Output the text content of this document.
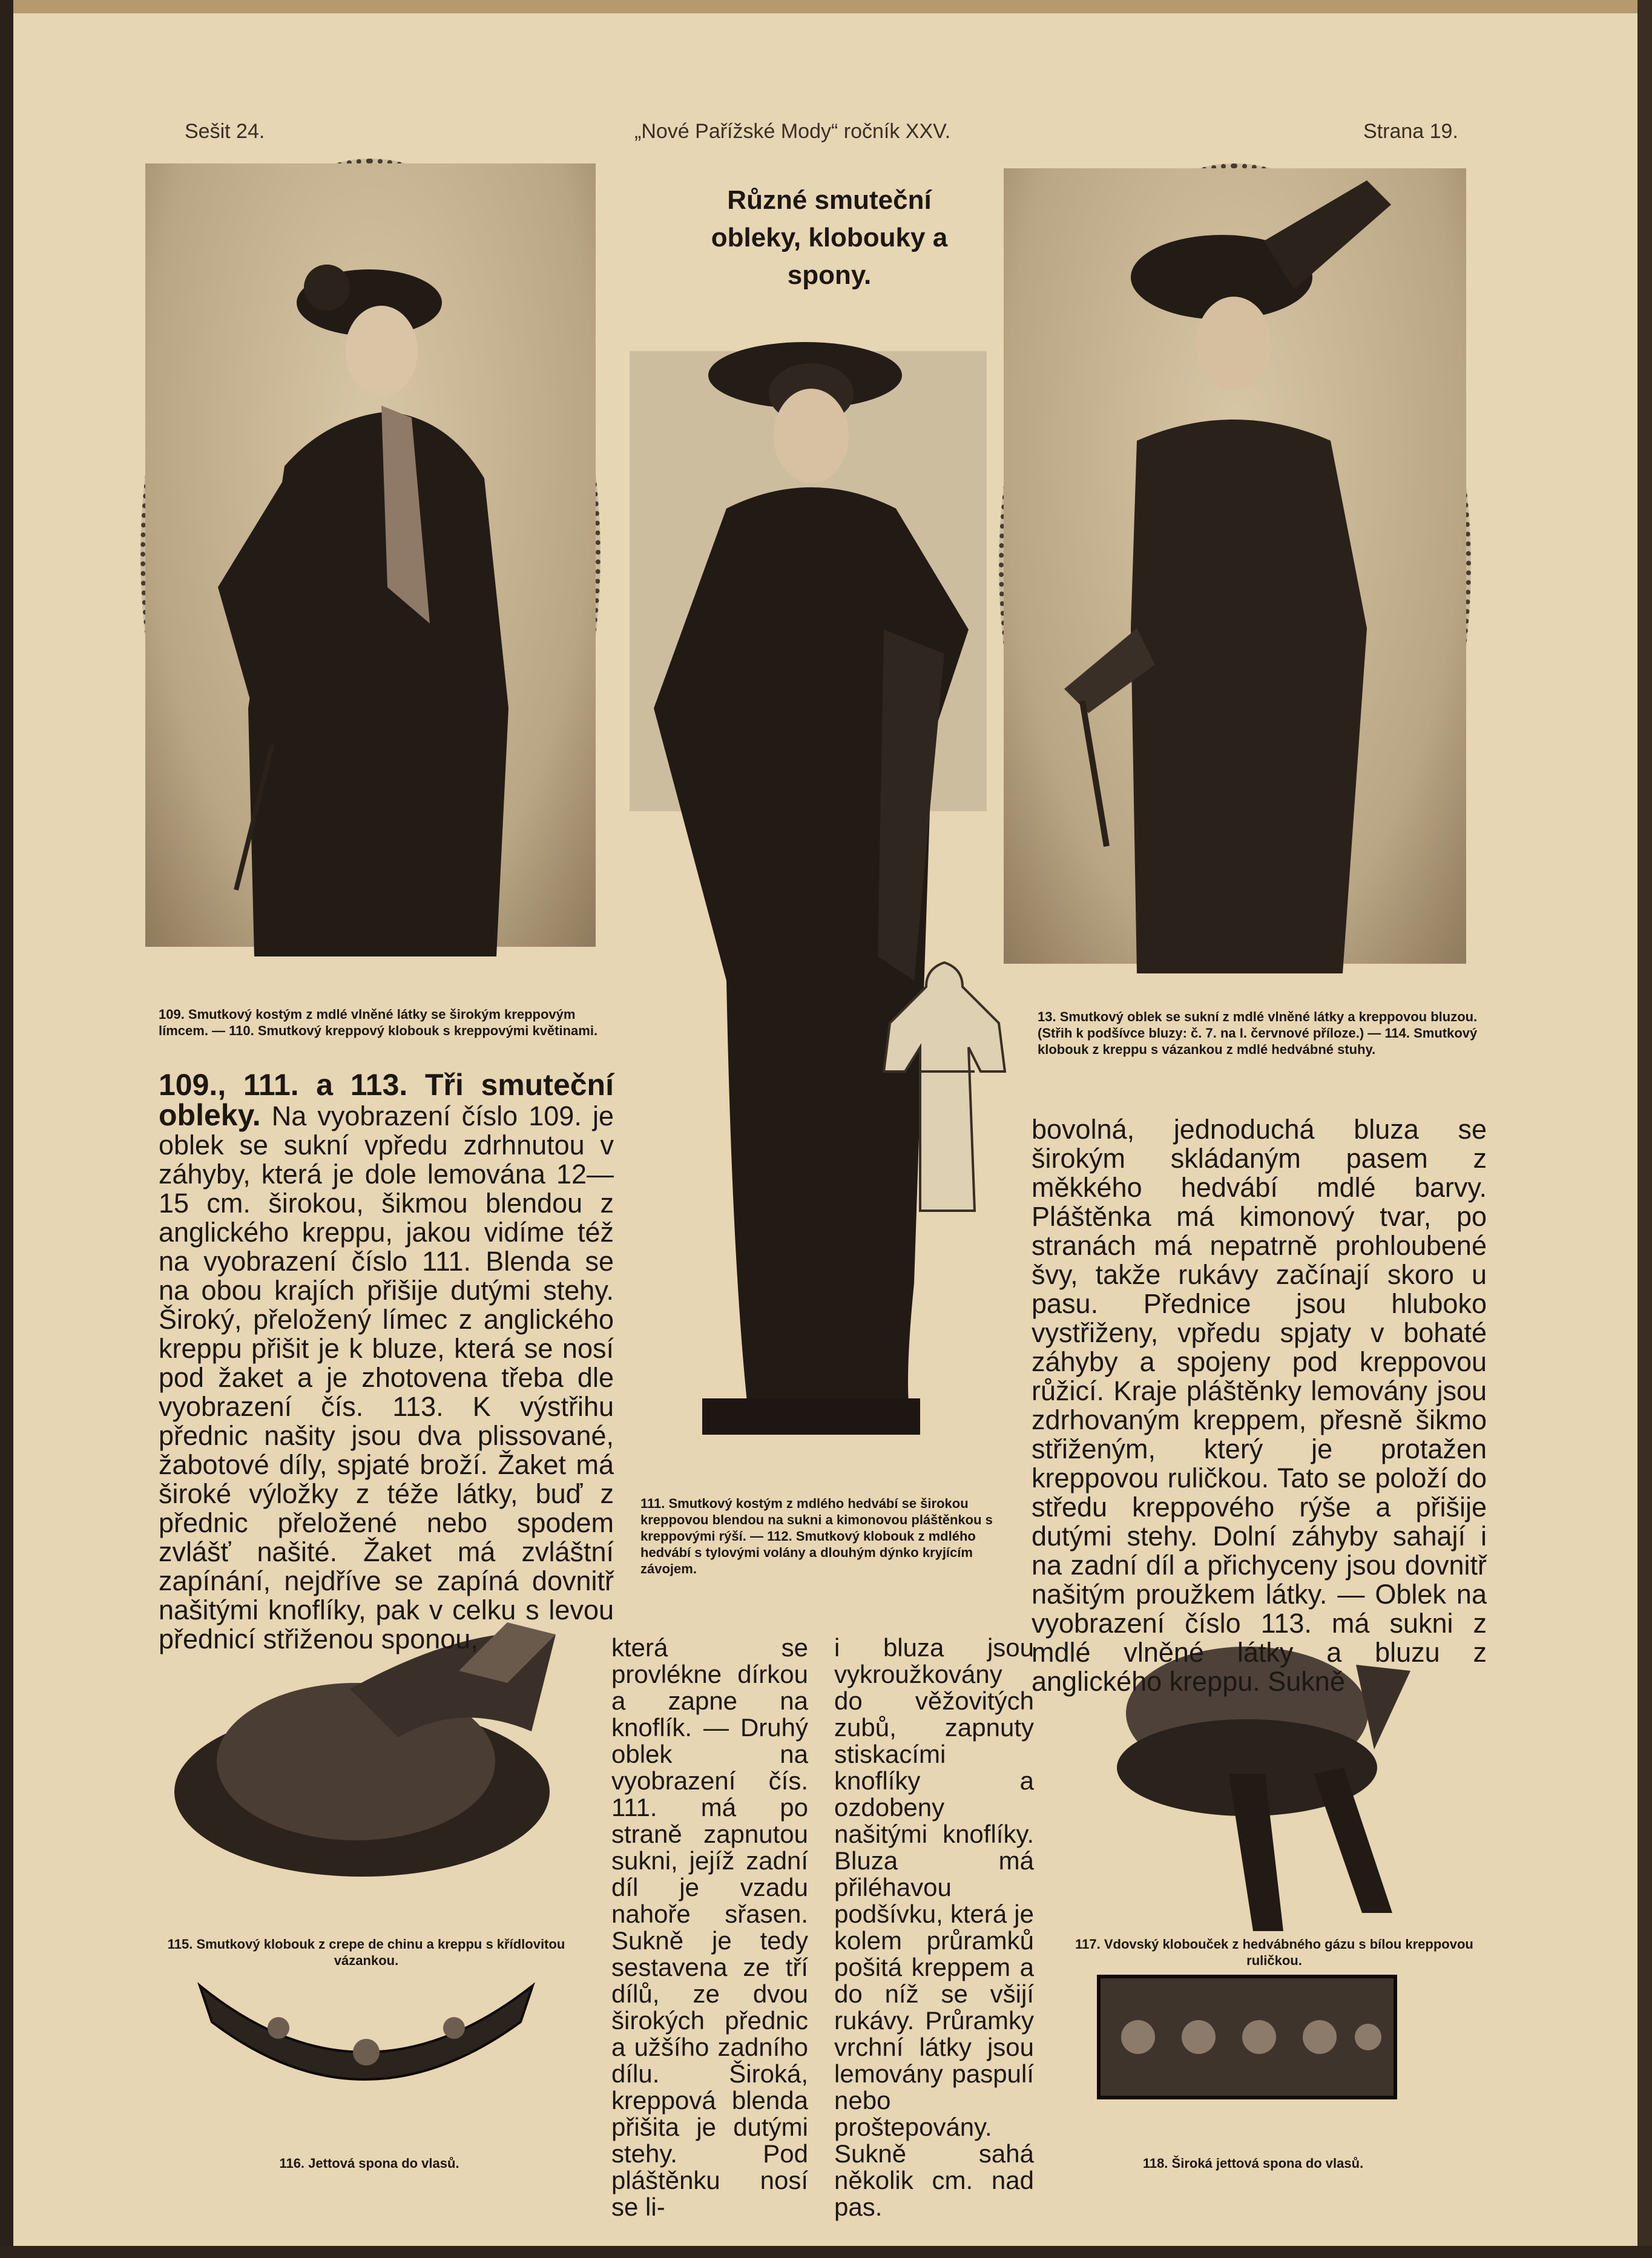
Sešit 24.	„Nové Pařížské Mody“ ročník XXV.	Strana 19.
Různé smuteční obleky, klobouky a spony.
109. Smutkový kostým z mdlé vlněné látky se širokým kreppovým límcem. — 110. Smutkový kreppový klobouk s kreppovými květinami.
111. Smutkový kostým z mdlého hedvábí se širokou kreppovou blendou na sukni a kimonovou pláštěnkou s kreppovými rýší. — 112. Smutkový klobouk z mdlého hedvábí s tylovými volány a dlouhým dýnko kryjícím závojem.
13. Smutkový oblek se sukní z mdlé vlněné látky a kreppovou bluzou. (Střih k podšívce bluzy: č. 7. na I. červnové příloze.) — 114. Smutkový klobouk z kreppu s vázankou z mdlé hedvábné stuhy.
115. Smutkový klobouk z crepe de chinu a kreppu s křídlovitou vázankou.
116. Jettová spona do vlasů.
117. Vdovský klobouček z hedvábného gázu s bílou kreppovou ruličkou.
118. Široká jettová spona do vlasů.
109., 111. a 113. Tři smuteční obleky. Na vyobrazení číslo 109. je oblek se sukní vpředu zdrhnutou v záhyby, která je dole lemována 12—15 cm. širokou, šikmou blendou z anglického kreppu, jakou vidíme též na vyobrazení číslo 111. Blenda se na obou krajích přišije dutými stehy. Široký, přeložený límec z anglického kreppu přišit je k bluze, která se nosí pod žaket a je zhotovena třeba dle vyobrazení čís. 113. K výstřihu přednic našity jsou dva plissované, žabotové díly, spjaté broží. Žaket má široké výložky z téže látky, buď z přednic přeložené nebo spodem zvlášť našité. Žaket má zvláštní zapínání, nejdříve se zapíná dovnitř našitými knoflíky, pak v celku s levou přednicí střiženou sponou,	která se provlékne dírkou a zapne na knoflík. — Druhý oblek na vyobrazení čís. 111. má po straně zapnutou sukni, jejíž zadní díl je vzadu nahoře sřasen. Sukně je tedy sestavena ze tří dílů, ze dvou širokých přednic a užšího zadního dílu. Široká, kreppová blenda přišita je dutými stehy. Pod pláštěnku nosí se li-
i bluza jsou vykroužkovány do věžovitých zubů, zapnuty stiskacími knoflíky a ozdobeny našitými knoflíky. Bluza má přiléhavou podšívku, která je kolem průramků pošitá kreppem a do níž se všijí rukávy. Průramky vrchní látky jsou lemovány paspulí nebo proštepovány. Sukně sahá několik cm. nad pas.
bovolná, jednoduchá bluza se širokým skládaným pasem z měkkého hedvábí mdlé barvy. Pláštěnka má kimonový tvar, po stranách má nepatrně prohloubené švy, takže rukávy začínají skoro u pasu. Přednice jsou hluboko vystřiženy, vpředu spjaty v bohaté záhyby a spojeny pod kreppovou růžicí. Kraje pláštěnky lemovány jsou zdrhovaným kreppem, přesně šikmo střiženým, který je protažen kreppovou ruličkou. Tato se položí do středu kreppového rýše a přišije dutými stehy. Dolní záhyby sahají i na zadní díl a přichyceny jsou dovnitř našitým proužkem látky. — Oblek na vyobrazení číslo 113. má sukni z mdlé vlněné látky a bluzu z anglického kreppu. Sukně
